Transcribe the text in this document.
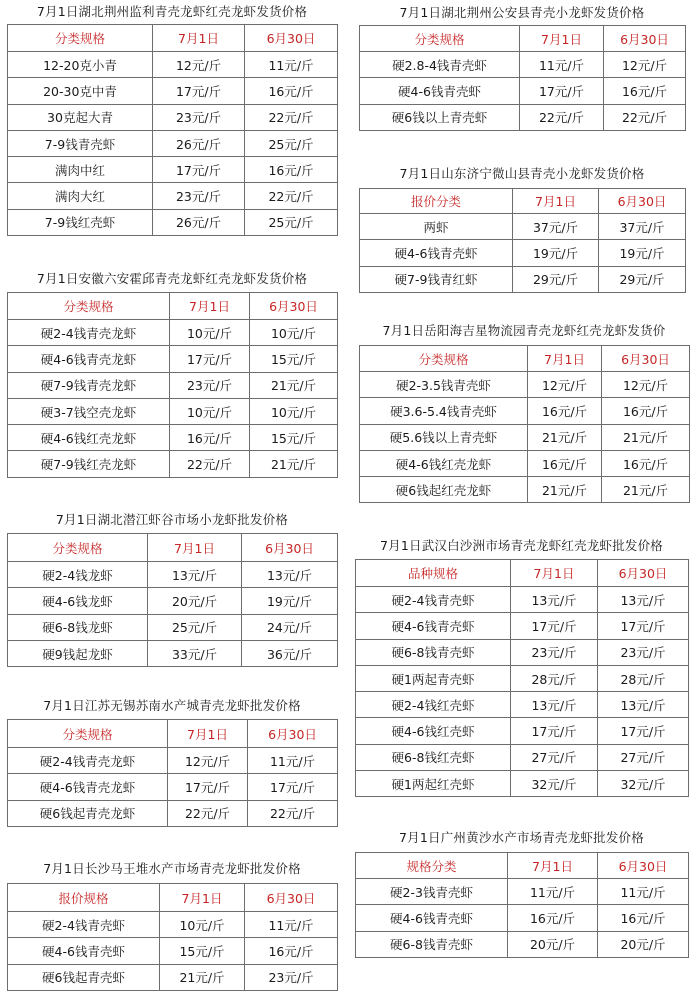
7月1日湖北荆州监利青壳龙虾红壳龙虾发货价格
分类规格	7月1日	6月30日
12-20克小青	12元/斤	11元/斤
20-30克中青	17元/斤	16元/斤
30克起大青	23元/斤	22元/斤
7-9钱青壳虾	26元/斤	25元/斤
满肉中红	17元/斤	16元/斤
满肉大红	23元/斤	22元/斤
7-9钱红壳虾	26元/斤	25元/斤
7月1日安徽六安霍邱青壳龙虾红壳龙虾发货价格
分类规格	7月1日	6月30日
硬2-4钱青壳龙虾	10元/斤	10元/斤
硬4-6钱青壳龙虾	17元/斤	15元/斤
硬7-9钱青壳龙虾	23元/斤	21元/斤
硬3-7钱空壳龙虾	10元/斤	10元/斤
硬4-6钱红壳龙虾	16元/斤	15元/斤
硬7-9钱红壳龙虾	22元/斤	21元/斤
7月1日湖北潜江虾谷市场小龙虾批发价格
分类规格	7月1日	6月30日
硬2-4钱龙虾	13元/斤	13元/斤
硬4-6钱龙虾	20元/斤	19元/斤
硬6-8钱龙虾	25元/斤	24元/斤
硬9钱起龙虾	33元/斤	36元/斤
7月1日江苏无锡苏南水产城青壳龙虾批发价格
分类规格	7月1日	6月30日
硬2-4钱青壳龙虾	12元/斤	11元/斤
硬4-6钱青壳龙虾	17元/斤	17元/斤
硬6钱起青壳龙虾	22元/斤	22元/斤
7月1日长沙马王堆水产市场青壳龙虾批发价格
报价规格	7月1日	6月30日
硬2-4钱青壳虾	10元/斤	11元/斤
硬4-6钱青壳虾	15元/斤	16元/斤
硬6钱起青壳虾	21元/斤	23元/斤
7月1日湖北荆州公安县青壳小龙虾发货价格
分类规格	7月1日	6月30日
硬2.8-4钱青壳虾	11元/斤	12元/斤
硬4-6钱青壳虾	17元/斤	16元/斤
硬6钱以上青壳虾	22元/斤	22元/斤
7月1日山东济宁微山县青壳小龙虾发货价格
报价分类	7月1日	6月30日
两虾	37元/斤	37元/斤
硬4-6钱青壳虾	19元/斤	19元/斤
硬7-9钱青红虾	29元/斤	29元/斤
7月1日岳阳海吉星物流园青壳龙虾红壳龙虾发货价
分类规格	7月1日	6月30日
硬2-3.5钱青壳虾	12元/斤	12元/斤
硬3.6-5.4钱青壳虾	16元/斤	16元/斤
硬5.6钱以上青壳虾	21元/斤	21元/斤
硬4-6钱红壳龙虾	16元/斤	16元/斤
硬6钱起红壳龙虾	21元/斤	21元/斤
7月1日武汉白沙洲市场青壳龙虾红壳龙虾批发价格
品种规格	7月1日	6月30日
硬2-4钱青壳虾	13元/斤	13元/斤
硬4-6钱青壳虾	17元/斤	17元/斤
硬6-8钱青壳虾	23元/斤	23元/斤
硬1两起青壳虾	28元/斤	28元/斤
硬2-4钱红壳虾	13元/斤	13元/斤
硬4-6钱红壳虾	17元/斤	17元/斤
硬6-8钱红壳虾	27元/斤	27元/斤
硬1两起红壳虾	32元/斤	32元/斤
7月1日广州黄沙水产市场青壳龙虾批发价格
规格分类	7月1日	6月30日
硬2-3钱青壳虾	11元/斤	11元/斤
硬4-6钱青壳虾	16元/斤	16元/斤
硬6-8钱青壳虾	20元/斤	20元/斤
